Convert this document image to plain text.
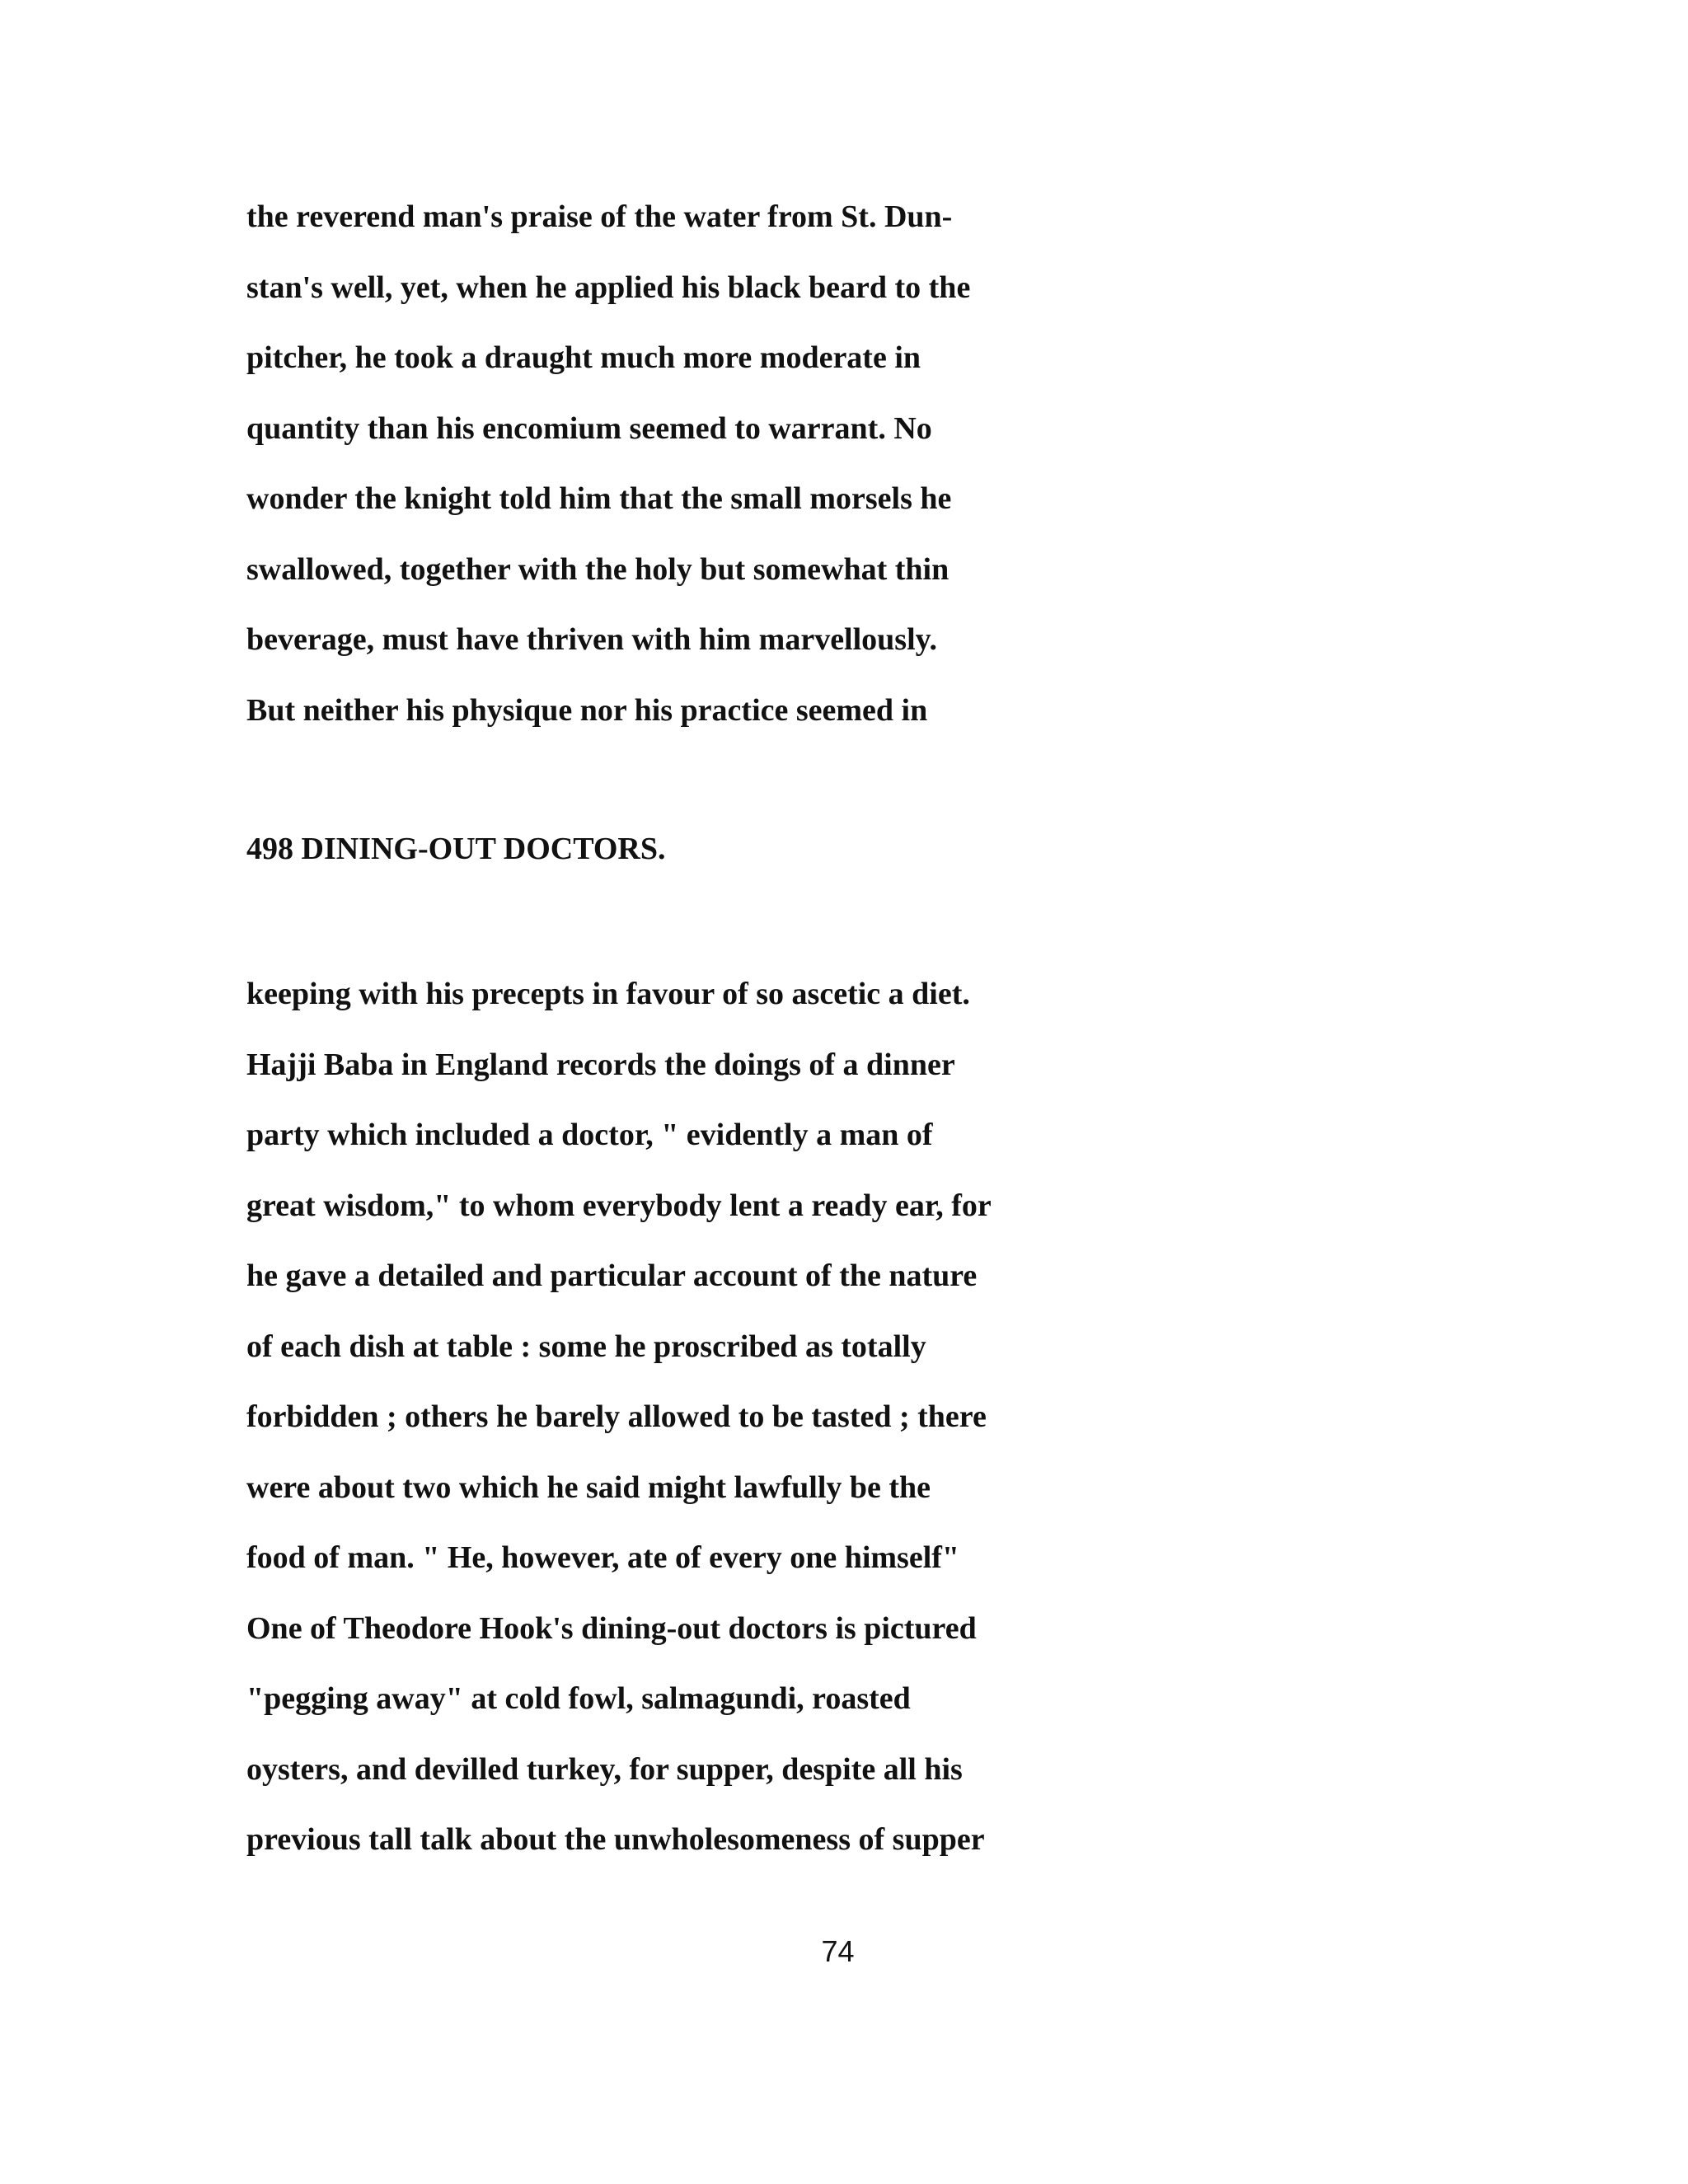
the reverend man's praise of the water from St. Dun-
stan's well, yet, when he applied his black beard to the
pitcher, he took a draught much more moderate in
quantity than his encomium seemed to warrant. No
wonder the knight told him that the small morsels he
swallowed, together with the holy but somewhat thin
beverage, must have thriven with him marvellously.
But neither his physique nor his practice seemed in
498 DINING-OUT DOCTORS.
keeping with his precepts in favour of so ascetic a diet.
Hajji Baba in England records the doings of a dinner
party which included a doctor, " evidently a man of
great wisdom," to whom everybody lent a ready ear, for
he gave a detailed and particular account of the nature
of each dish at table : some he proscribed as totally
forbidden ; others he barely allowed to be tasted ; there
were about two which he said might lawfully be the
food of man. " He, however, ate of every one himself"
One of Theodore Hook's dining-out doctors is pictured
"pegging away" at cold fowl, salmagundi, roasted
oysters, and devilled turkey, for supper, despite all his
previous tall talk about the unwholesomeness of supper
74
